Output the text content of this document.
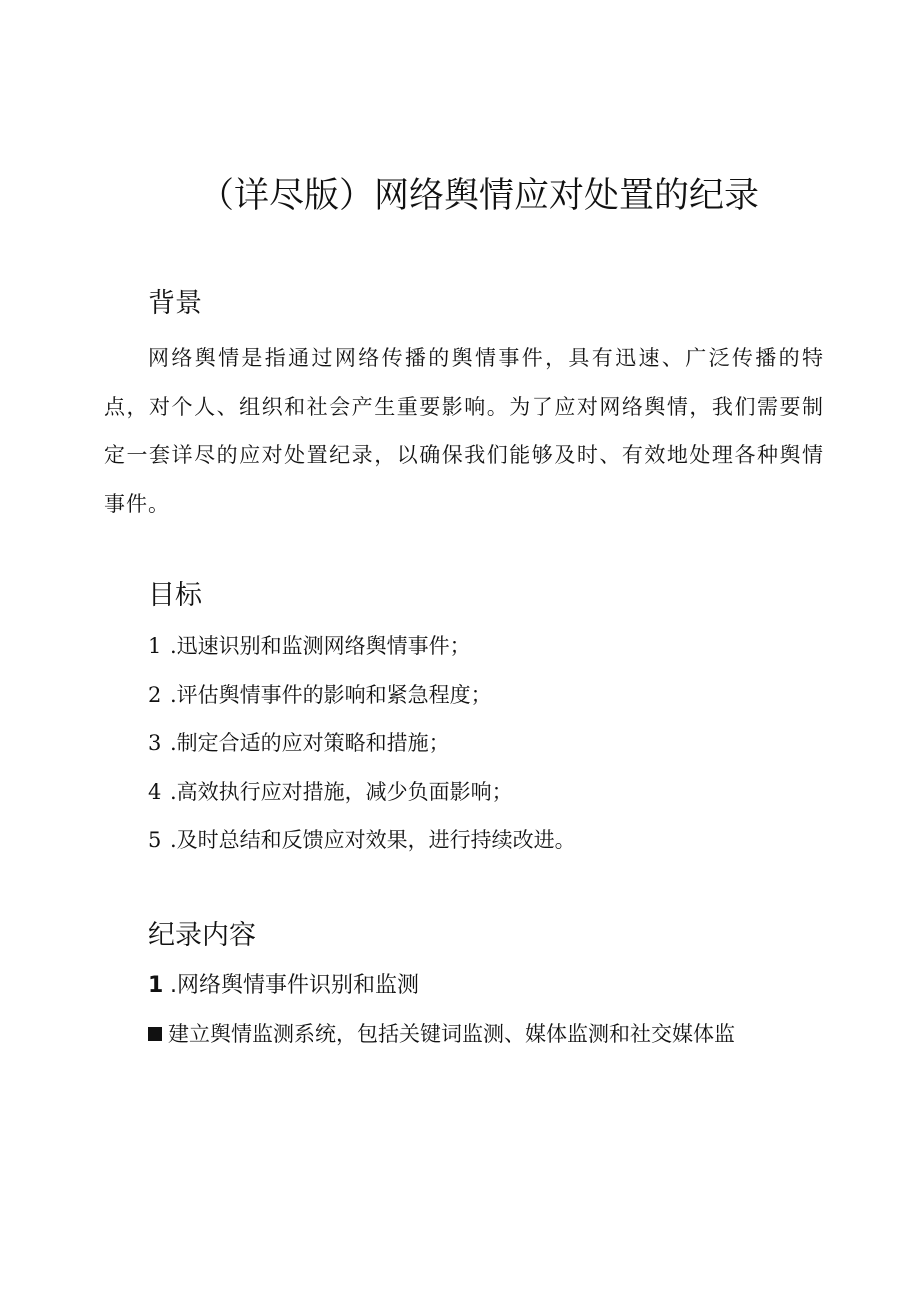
（详尽版）网络舆情应对处置的纪录
背景

网络舆情是指通过网络传播的舆情事件，具有迅速、广泛传播的特点，对个人、组织和社会产生重要影响。为了应对网络舆情，我们需要制定一套详尽的应对处置纪录，以确保我们能够及时、有效地处理各种舆情事件。

目标
1 .迅速识别和监测网络舆情事件；
2 .评估舆情事件的影响和紧急程度；
3 .制定合适的应对策略和措施；
4 .高效执行应对措施，减少负面影响；
5 .及时总结和反馈应对效果，进行持续改进。
纪录内容
1 .网络舆情事件识别和监测

建立舆情监测系统，包括关键词监测、媒体监测和社交媒体监
